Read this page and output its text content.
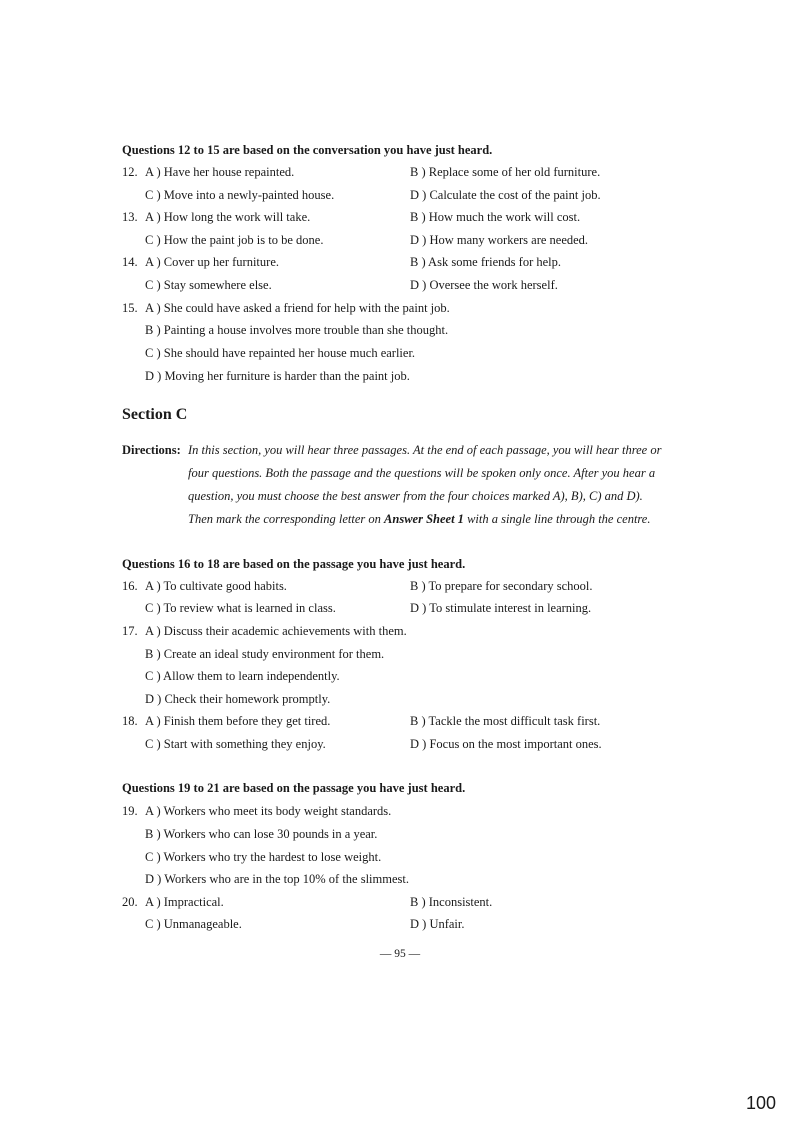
Questions 12 to 15 are based on the conversation you have just heard.
12. A ) Have her house repainted.	B ) Replace some of her old furniture.
C ) Move into a newly-painted house.	D ) Calculate the cost of the paint job.
13. A ) How long the work will take.	B ) How much the work will cost.
C ) How the paint job is to be done.	D ) How many workers are needed.
14. A ) Cover up her furniture.	B ) Ask some friends for help.
C ) Stay somewhere else.	D ) Oversee the work herself.
15. A ) She could have asked a friend for help with the paint job.
B ) Painting a house involves more trouble than she thought.
C ) She should have repainted her house much earlier.
D ) Moving her furniture is harder than the paint job.
Section C
Directions: In this section, you will hear three passages. At the end of each passage, you will hear three or
four questions. Both the passage and the questions will be spoken only once. After you hear a
question, you must choose the best answer from the four choices marked A), B), C) and D).
Then mark the corresponding letter on Answer Sheet 1 with a single line through the centre.
Questions 16 to 18 are based on the passage you have just heard.
16. A ) To cultivate good habits.	B ) To prepare for secondary school.
C ) To review what is learned in class.	D ) To stimulate interest in learning.
17. A ) Discuss their academic achievements with them.
B ) Create an ideal study environment for them.
C ) Allow them to learn independently.
D ) Check their homework promptly.
18. A ) Finish them before they get tired.	B ) Tackle the most difficult task first.
C ) Start with something they enjoy.	D ) Focus on the most important ones.
Questions 19 to 21 are based on the passage you have just heard.
19. A ) Workers who meet its body weight standards.
B ) Workers who can lose 30 pounds in a year.
C ) Workers who try the hardest to lose weight.
D ) Workers who are in the top 10% of the slimmest.
20. A ) Impractical.	B ) Inconsistent.
C ) Unmanageable.	D ) Unfair.
— 95 —
100
